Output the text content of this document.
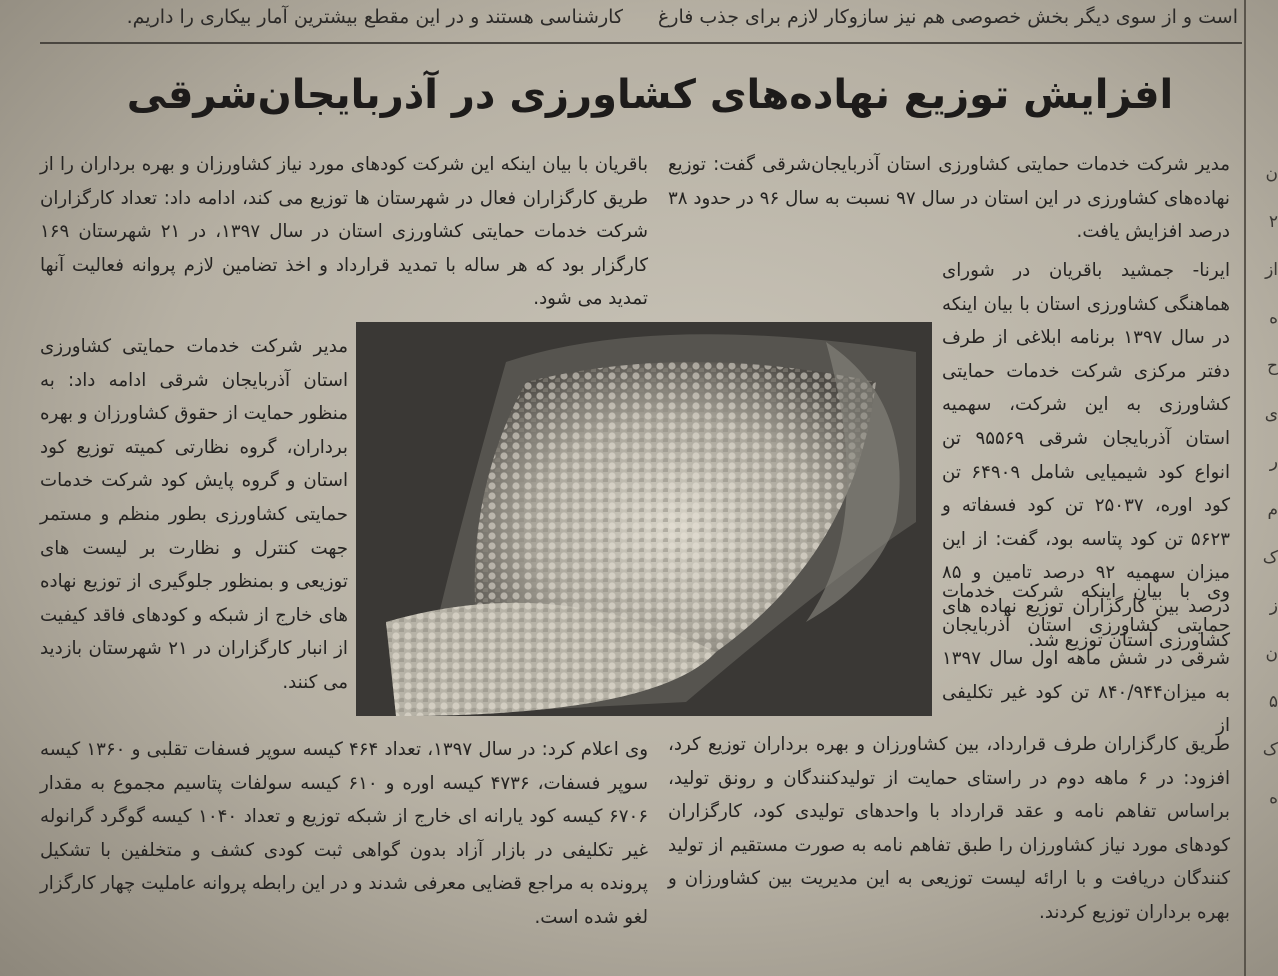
است و از سوی دیگر بخش خصوصی هم نیز سازوکار لازم برای جذب فارغ
کارشناسی هستند و در این مقطع بیشترین آمار بیکاری را داریم.
افزایش توزیع نهاده‌های کشاورزی در آذربایجان‌شرقی
مدیر شرکت خدمات حمایتی کشاورزی استان آذربایجان‌شرقی گفت: توزیع نهاده‌های کشاورزی در این استان در سال ۹۷ نسبت به سال ۹۶ در حدود ۳۸ درصد افزایش یافت.
ایرنا- جمشید باقریان در شورای هماهنگی کشاورزی استان با بیان اینکه در سال ۱۳۹۷ برنامه ابلاغی از طرف دفتر مرکزی شرکت خدمات حمایتی کشاورزی به این شرکت، سهمیه استان آذربایجان شرقی ۹۵۵۶۹ تن انواع کود شیمیایی شامل ۶۴۹۰۹ تن کود اوره، ۲۵۰۳۷ تن کود فسفاته و ۵۶۲۳ تن کود پتاسه بود، گفت: از این میزان سهمیه ۹۲ درصد تامین و ۸۵ درصد بین کارگزاران توزیع نهاده های کشاورزی استان توزیع شد.
وی با بیان اینکه شرکت خدمات حمایتی کشاورزی استان آذربایجان شرقی در شش ماهه اول سال ۱۳۹۷ به میزان۸۴۰/۹۴۴ تن کود غیر تکلیفی از
طریق کارگزاران طرف قرارداد، بین کشاورزان و بهره برداران توزیع کرد، افزود: در ۶ ماهه دوم در راستای حمایت از تولیدکنندگان و رونق تولید، براساس تفاهم نامه و عقد قرارداد با واحدهای تولیدی کود، کارگزاران کودهای مورد نیاز کشاورزان را طبق تفاهم نامه به صورت مستقیم از تولید کنندگان دریافت و با ارائه لیست توزیعی به این مدیریت بین کشاورزان و بهره برداران توزیع کردند.
باقریان با بیان اینکه این شرکت کودهای مورد نیاز کشاورزان و بهره برداران را از طریق کارگزاران فعال در شهرستان ها توزیع می کند، ادامه داد: تعداد کارگزاران شرکت خدمات حمایتی کشاورزی استان در سال ۱۳۹۷، در ۲۱ شهرستان ۱۶۹ کارگزار بود که هر ساله با تمدید قرارداد و اخذ تضامین لازم پروانه فعالیت آنها تمدید می شود.
مدیر شرکت خدمات حمایتی کشاورزی استان آذربایجان شرقی ادامه داد: به منظور حمایت از حقوق کشاورزان و بهره برداران، گروه نظارتی کمیته توزیع کود استان و گروه پایش کود شرکت خدمات حمایتی کشاورزی بطور منظم و مستمر جهت کنترل و نظارت بر لیست های توزیعی و بمنظور جلوگیری از توزیع نهاده های خارج از شبکه و کودهای فاقد کیفیت از انبار کارگزاران در ۲۱ شهرستان بازدید می کنند.
وی اعلام کرد: در سال ۱۳۹۷، تعداد ۴۶۴ کیسه سوپر فسفات تقلبی و ۱۳۶۰ کیسه سوپر فسفات، ۴۷۳۶ کیسه اوره و ۶۱۰ کیسه سولفات پتاسیم مجموع به مقدار ۶۷۰۶ کیسه کود یارانه ای خارج از شبکه توزیع و تعداد ۱۰۴۰ کیسه گوگرد گرانوله غیر تکلیفی در بازار آزاد بدون گواهی ثبت کودی کشف و متخلفین با تشکیل پرونده به مراجع قضایی معرفی شدند و در این رابطه پروانه عاملیت چهار کارگزار لغو شده است.
ن
۲
از
ه
ح
ی
ر
م
ک
ز
ن
۵
ک
ه
